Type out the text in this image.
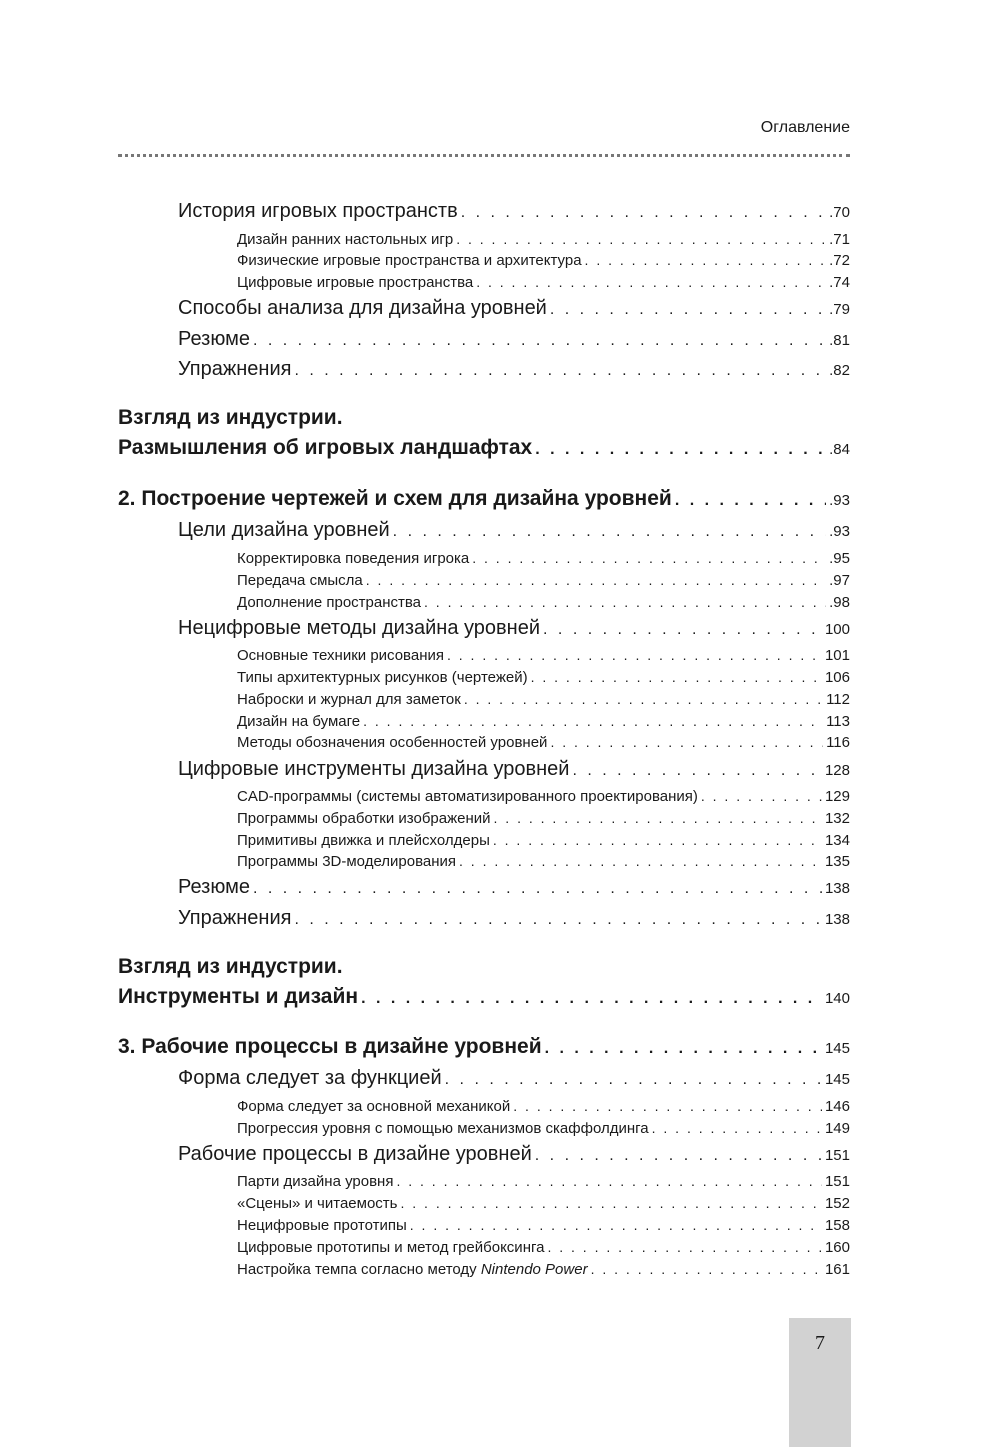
Оглавление
История игровых пространств . . .	.70
Дизайн ранних настольных игр . . .	.71
Физические игровые пространства и архитектура . . .	.72
Цифровые игровые пространства . . .	.74
Способы анализа для дизайна уровней . . .	.79
Резюме . . .	.81
Упражнения . . .	.82
Взгляд из индустрии.
Размышления об игровых ландшафтах . . .	.84
2. Построение чертежей и схем для дизайна уровней . . .	.93
Цели дизайна уровней . . .	.93
Корректировка поведения игрока . . .	.95
Передача смысла . . .	.97
Дополнение пространства . . .	.98
Нецифровые методы дизайна уровней . . .	100
Основные техники рисования . . .	101
Типы архитектурных рисунков (чертежей) . . .	106
Наброски и журнал для заметок . . .	112
Дизайн на бумаге . . .	113
Методы обозначения особенностей уровней . . .	116
Цифровые инструменты дизайна уровней . . .	128
CAD-программы (системы автоматизированного проектирования) . . .	129
Программы обработки изображений . . .	132
Примитивы движка и плейсхолдеры . . .	134
Программы 3D-моделирования . . .	135
Резюме . . .	138
Упражнения . . .	138
Взгляд из индустрии.
Инструменты и дизайн . . .	140
3. Рабочие процессы в дизайне уровней . . .	145
Форма следует за функцией . . .	145
Форма следует за основной механикой . . .	146
Прогрессия уровня с помощью механизмов скаффолдинга . . .	149
Рабочие процессы в дизайне уровней . . .	151
Парти дизайна уровня . . .	151
«Сцены» и читаемость . . .	152
Нецифровые прототипы . . .	158
Цифровые прототипы и метод грейбоксинга . . .	160
Настройка темпа согласно методу Nintendo Power . . .	161
7
